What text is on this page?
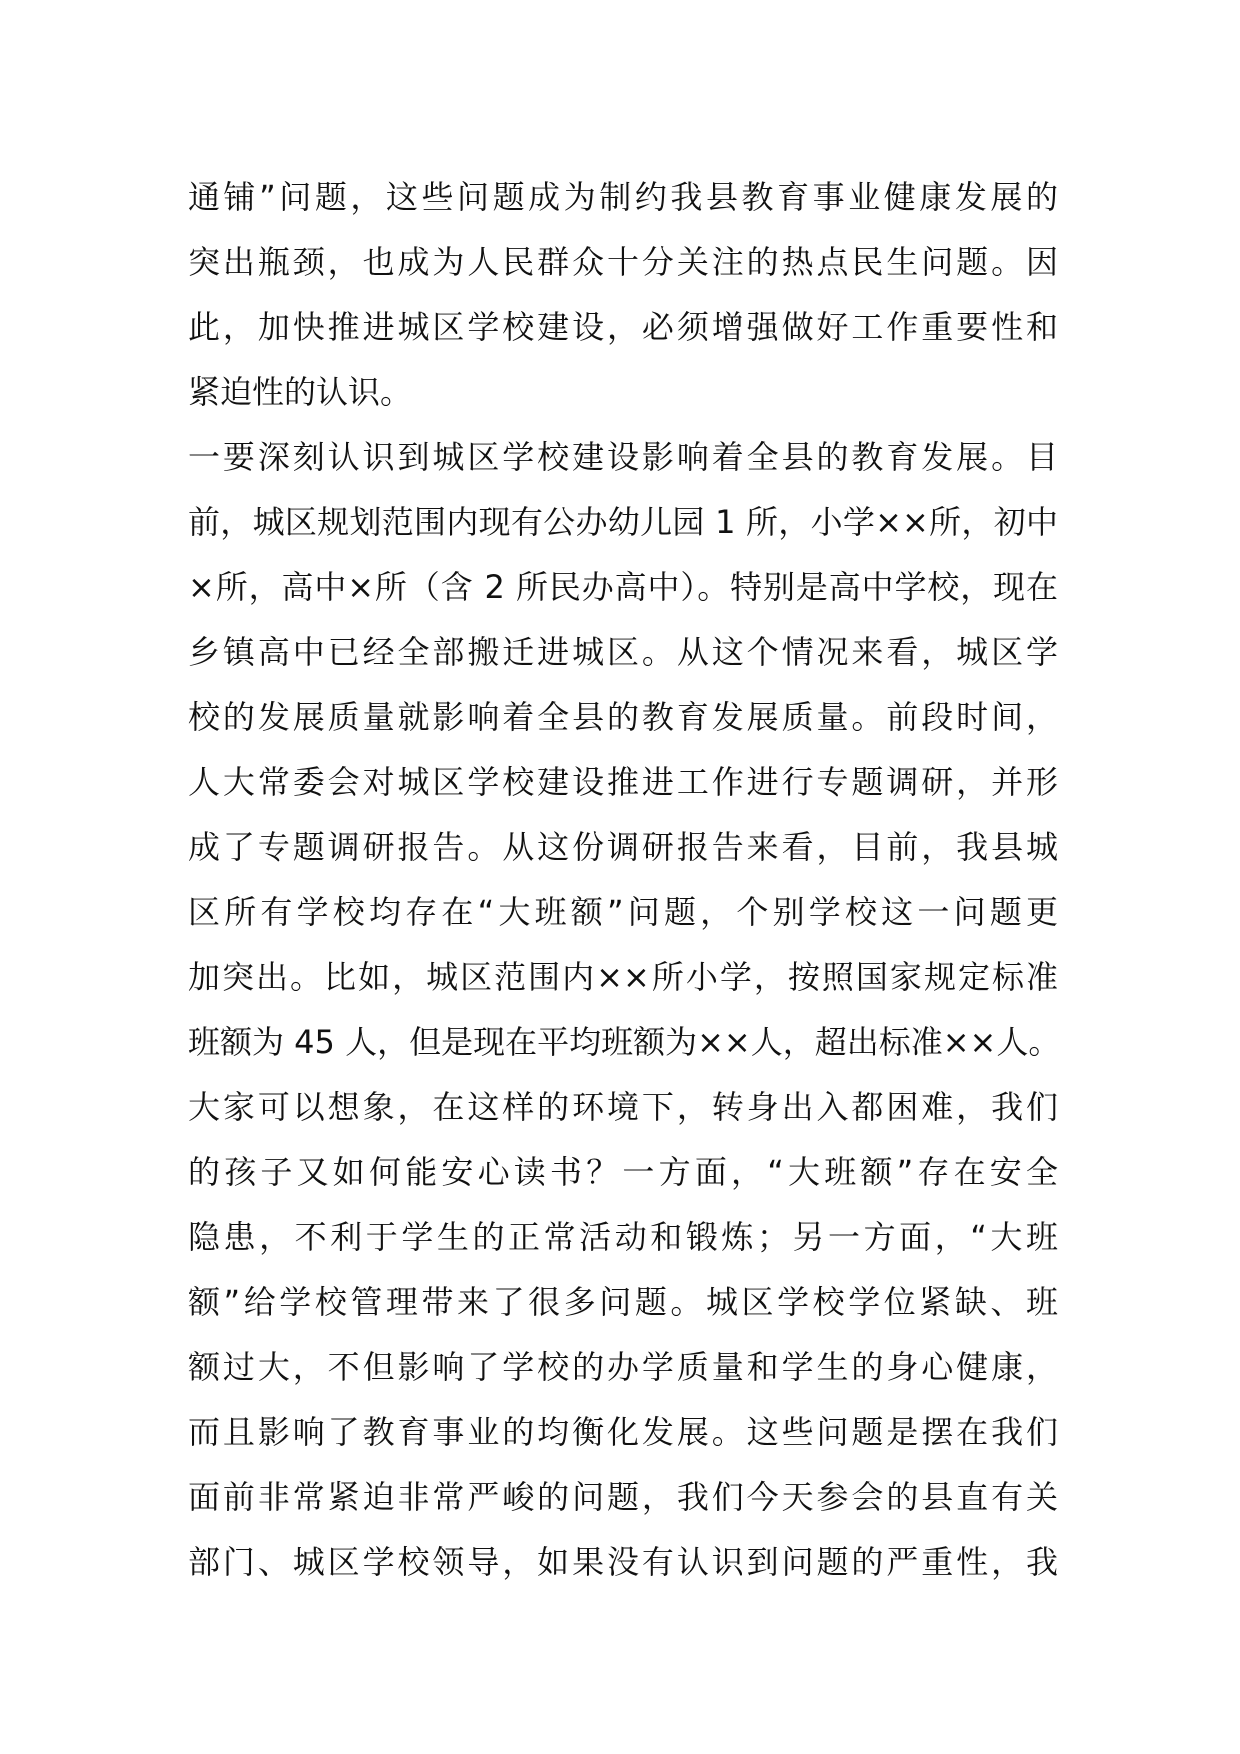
通铺”问题，这些问题成为制约我县教育事业健康发展的
突出瓶颈，也成为人民群众十分关注的热点民生问题。因
此，加快推进城区学校建设，必须增强做好工作重要性和
紧迫性的认识。
一要深刻认识到城区学校建设影响着全县的教育发展。目
前，城区规划范围内现有公办幼儿园 1 所，小学××所，初中
×所，高中×所（含 2 所民办高中）。特别是高中学校，现在
乡镇高中已经全部搬迁进城区。从这个情况来看，城区学
校的发展质量就影响着全县的教育发展质量。前段时间，
人大常委会对城区学校建设推进工作进行专题调研，并形
成了专题调研报告。从这份调研报告来看，目前，我县城
区所有学校均存在“大班额”问题，个别学校这一问题更
加突出。比如，城区范围内××所小学，按照国家规定标准
班额为 45 人，但是现在平均班额为××人，超出标准××人。
大家可以想象，在这样的环境下，转身出入都困难，我们
的孩子又如何能安心读书？一方面，“大班额”存在安全
隐患，不利于学生的正常活动和锻炼；另一方面，“大班
额”给学校管理带来了很多问题。城区学校学位紧缺、班
额过大，不但影响了学校的办学质量和学生的身心健康，
而且影响了教育事业的均衡化发展。这些问题是摆在我们
面前非常紧迫非常严峻的问题，我们今天参会的县直有关
部门、城区学校领导，如果没有认识到问题的严重性，我
